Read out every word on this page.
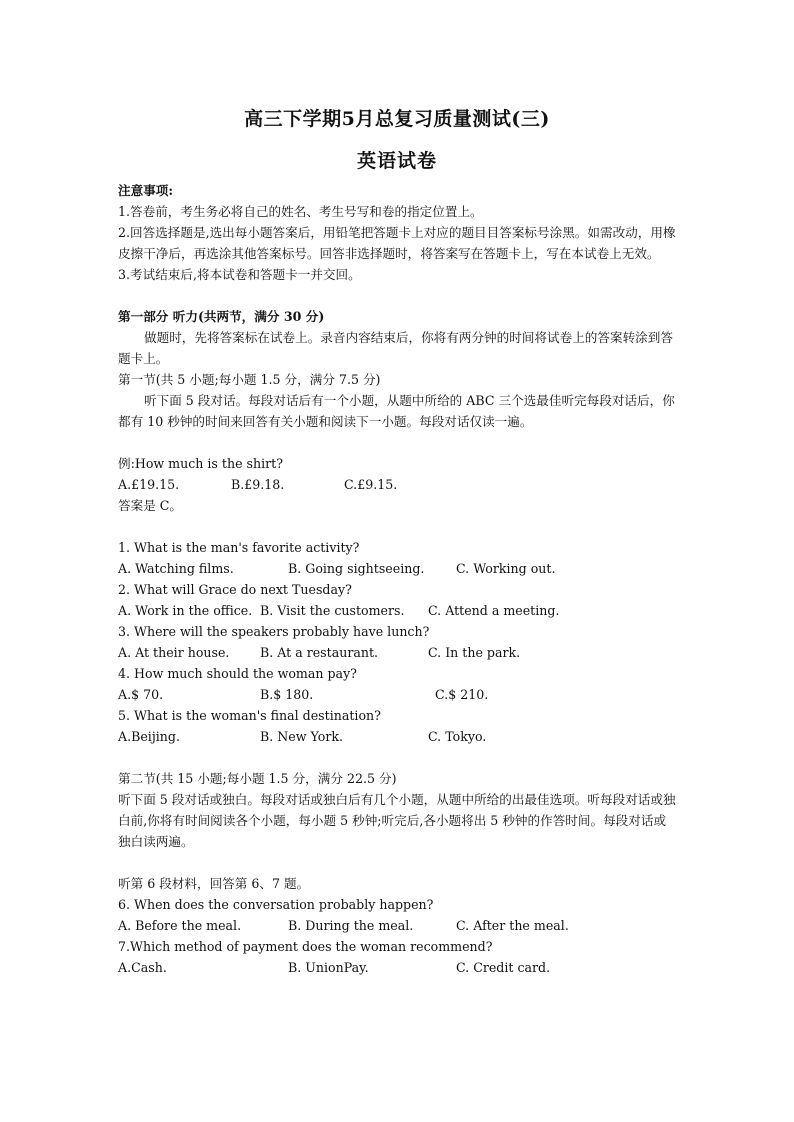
高三下学期5月总复习质量测试(三)
英语试卷
注意事项:
1.答卷前，考生务必将自己的姓名、考生号写和卷的指定位置上。
2.回答选择题是,选出每小题答案后，用铅笔把答题卡上对应的题目目答案标号涂黑。如需改动，用橡皮擦干净后，再选涂其他答案标号。回答非选择题时，将答案写在答题卡上，写在本试卷上无效。
3.考试结束后,将本试卷和答题卡一并交回。
第一部分 听力(共两节，满分 30 分)
做题时，先将答案标在试卷上。录音内容结束后，你将有两分钟的时间将试卷上的答案转涂到答题卡上。
第一节(共 5 小题;每小题 1.5 分，满分 7.5 分)
听下面 5 段对话。每段对话后有一个小题，从题中所给的 ABC 三个选最佳听完每段对话后，你都有 10 秒钟的时间来回答有关小题和阅读下一小题。每段对话仅读一遍。
例:How much is the shirt?
A.£19.15.	B.£9.18.	C.£9.15.
答案是 C。
1. What is the man's favorite activity?
A. Watching films.	B. Going sightseeing.	C. Working out.
2. What will Grace do next Tuesday?
A. Work in the office. B. Visit the customers. C. Attend a meeting.
3. Where will the speakers probably have lunch?
A. At their house. B. At a restaurant.	C. In the park.
4. How much should the woman pay?
A.$ 70.	B.$ 180.	C.$ 210.
5. What is the woman's final destination?
A.Beijing.	B. New York.	C. Tokyo.
第二节(共 15 小题;每小题 1.5 分，满分 22.5 分)
听下面 5 段对话或独白。每段对话或独白后有几个小题，从题中所给的出最佳选项。听每段对话或独白前,你将有时间阅读各个小题，每小题 5 秒钟;听完后,各小题将出 5 秒钟的作答时间。每段对话或独白读两遍。
听第 6 段材料，回答第 6、7 题。
6. When does the conversation probably happen?
A. Before the meal.	B. During the meal.	C. After the meal.
7.Which method of payment does the woman recommend?
A.Cash.	B. UnionPay.	C. Credit card.
